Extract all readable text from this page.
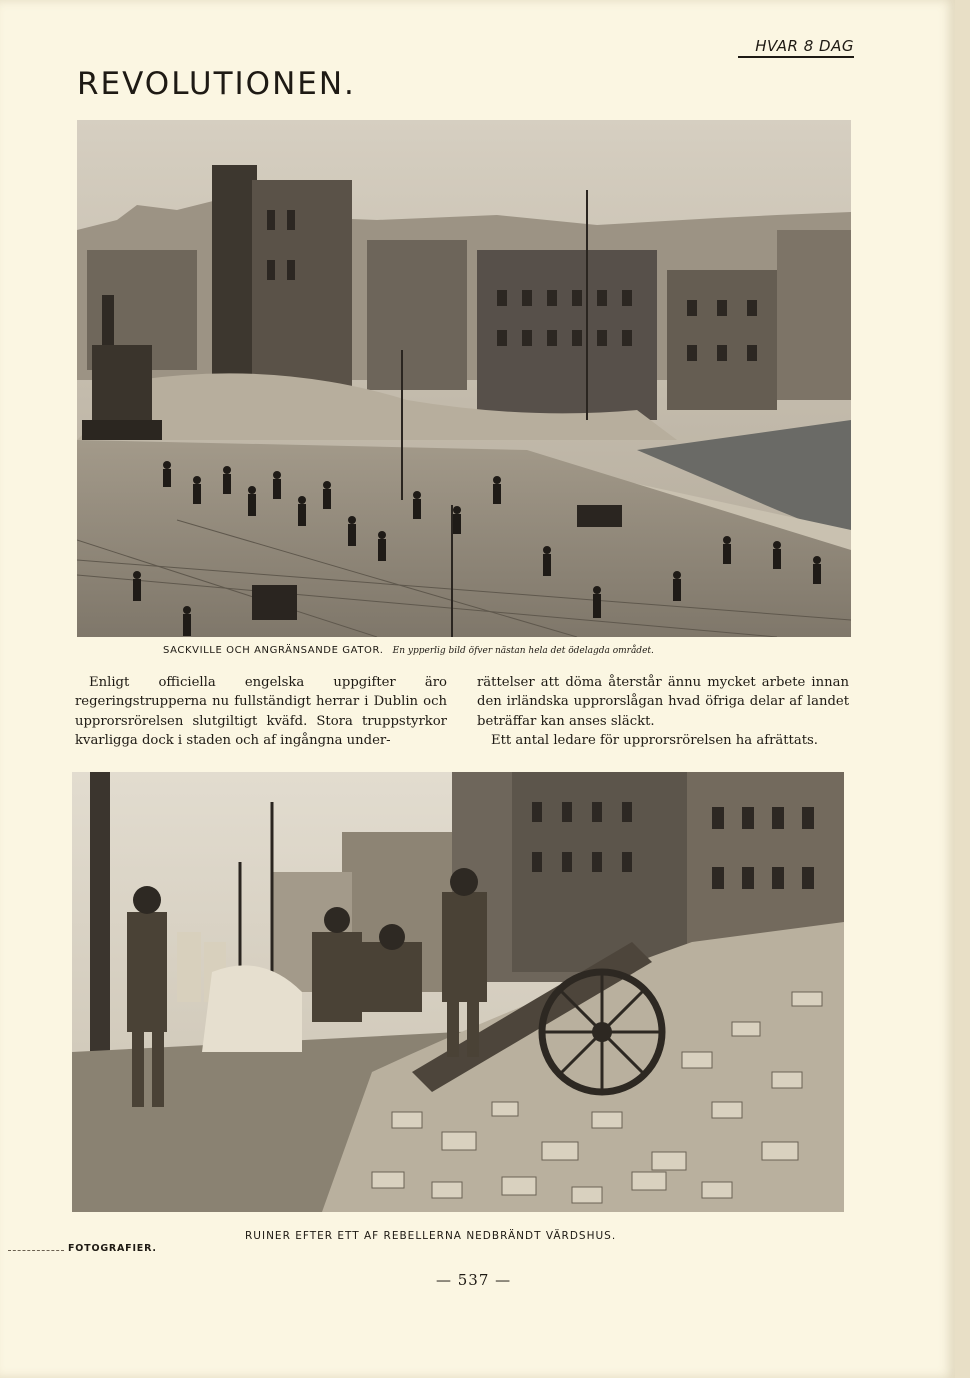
HVAR 8 DAG
REVOLUTIONEN.
SACKVILLE OCH ANGRÄNSANDE GATOR. En ypperlig bild öfver nästan hela det ödelagda området.

Enligt officiella engelska uppgifter äro regeringstrupperna nu fullständigt herrar i Dublin och upprorsrörelsen slutgiltigt kväfd. Stora truppstyrkor kvarligga dock i staden och af ingångna under-

rättelser att döma återstår ännu mycket arbete innan den irländska upprorslågan hvad öfriga delar af landet beträffar kan anses släckt.

Ett antal ledare för upprorsrörelsen ha afrättats.

RUINER EFTER ETT AF REBELLERNA NEDBRÄNDT VÄRDSHUS.
FOTOGRAFIER.
— 537 —
